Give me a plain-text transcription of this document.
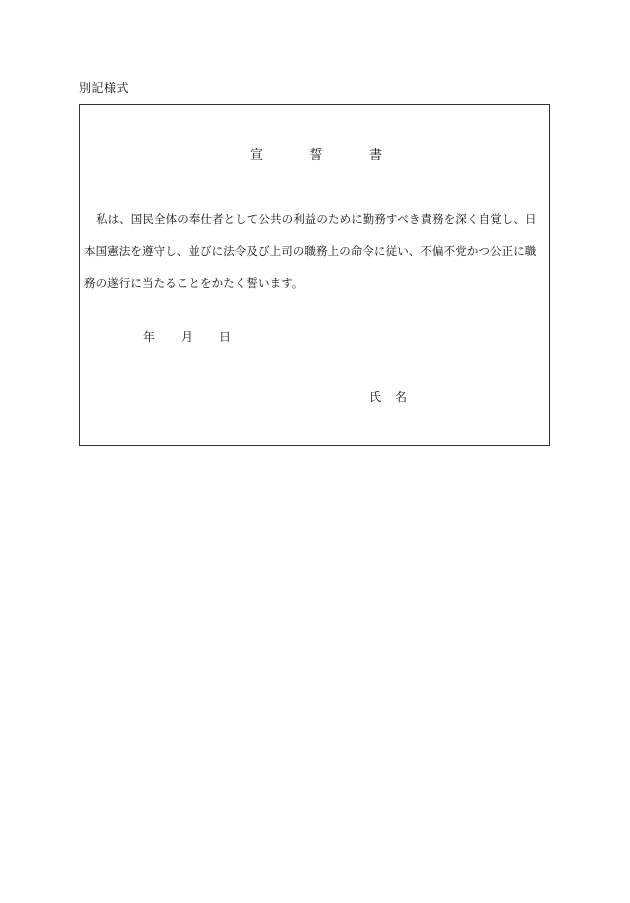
別記様式
宣	誓	書
私は、国民全体の奉仕者として公共の利益のために勤務すべき責務を深く自覚し、日
本国憲法を遵守し、並びに法令及び上司の職務上の命令に従い、不偏不党かつ公正に職
務の遂行に当たることをかたく誓います。
年 月 日
氏 名
